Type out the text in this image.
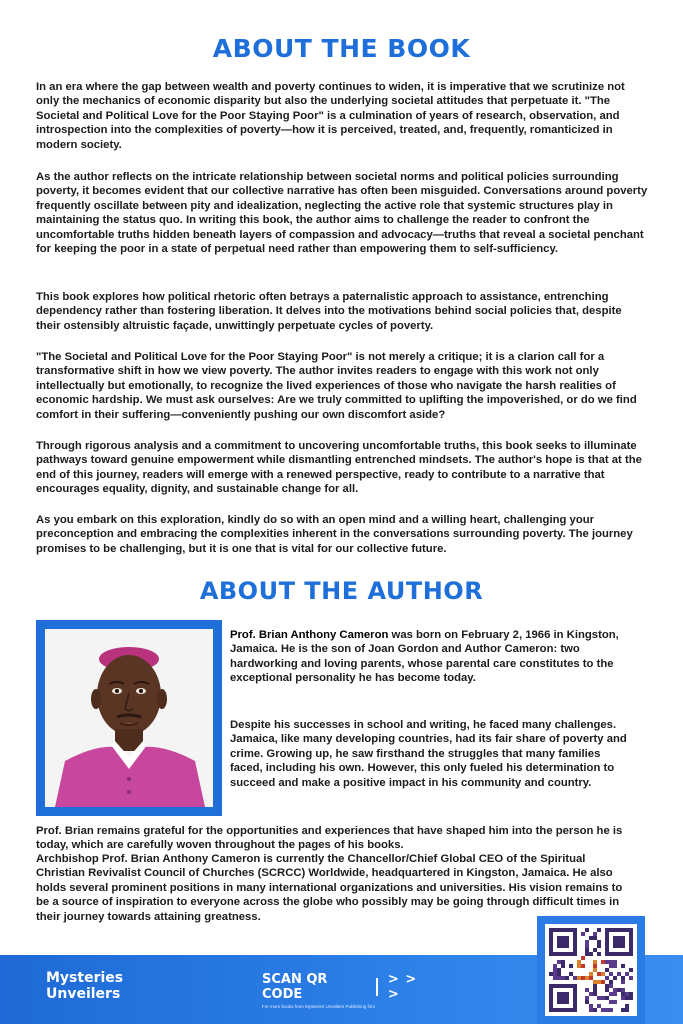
ABOUT THE BOOK

In an era where the gap between wealth and poverty continues to widen, it is imperative that we scrutinize not only the mechanics of economic disparity but also the underlying societal attitudes that perpetuate it. "The Societal and Political Love for the Poor Staying Poor" is a culmination of years of research, observation, and introspection into the complexities of poverty—how it is perceived, treated, and, frequently, romanticized in modern society.

As the author reflects on the intricate relationship between societal norms and political policies surrounding poverty, it becomes evident that our collective narrative has often been misguided. Conversations around poverty frequently oscillate between pity and idealization, neglecting the active role that systemic structures play in maintaining the status quo. In writing this book, the author aims to challenge the reader to confront the uncomfortable truths hidden beneath layers of compassion and advocacy—truths that reveal a societal penchant for keeping the poor in a state of perpetual need rather than empowering them to self-sufficiency.

This book explores how political rhetoric often betrays a paternalistic approach to assistance, entrenching dependency rather than fostering liberation. It delves into the motivations behind social policies that, despite their ostensibly altruistic façade, unwittingly perpetuate cycles of poverty.

"The Societal and Political Love for the Poor Staying Poor" is not merely a critique; it is a clarion call for a transformative shift in how we view poverty. The author invites readers to engage with this work not only intellectually but emotionally, to recognize the lived experiences of those who navigate the harsh realities of economic hardship. We must ask ourselves: Are we truly committed to uplifting the impoverished, or do we find comfort in their suffering—conveniently pushing our own discomfort aside?

Through rigorous analysis and a commitment to uncovering uncomfortable truths, this book seeks to illuminate pathways toward genuine empowerment while dismantling entrenched mindsets. The author's hope is that at the end of this journey, readers will emerge with a renewed perspective, ready to contribute to a narrative that encourages equality, dignity, and sustainable change for all.

As you embark on this exploration, kindly do so with an open mind and a willing heart, challenging your preconception and embracing the complexities inherent in the conversations surrounding poverty. The journey promises to be challenging, but it is one that is vital for our collective future.

ABOUT THE AUTHOR

Prof. Brian Anthony Cameron was born on February 2, 1966 in Kingston, Jamaica. He is the son of Joan Gordon and Author Cameron: two hardworking and loving parents, whose parental care constitutes to the exceptional personality he has become today.

Despite his successes in school and writing, he faced many challenges. Jamaica, like many developing countries, had its fair share of poverty and crime. Growing up, he saw firsthand the struggles that many families faced, including his own. However, this only fueled his determination to succeed and make a positive impact in his community and country.

Prof. Brian remains grateful for the opportunities and experiences that have shaped him into the person he is today, which are carefully woven throughout the pages of his books.

Archbishop Prof. Brian Anthony Cameron is currently the Chancellor/Chief Global CEO of the Spiritual Christian Revivalist Council of Churches (SCRCC) Worldwide, headquartered in Kingston, Jamaica. He also holds several prominent positions in many international organizations and universities. His vision remains to be a source of inspiration to everyone across the globe who possibly may be going through difficult times in their journey towards attaining greatness.

Mysteries
Unveilers
SCAN QR CODE
> > >
For more books from Mysteries Unveilers Publishing firm
